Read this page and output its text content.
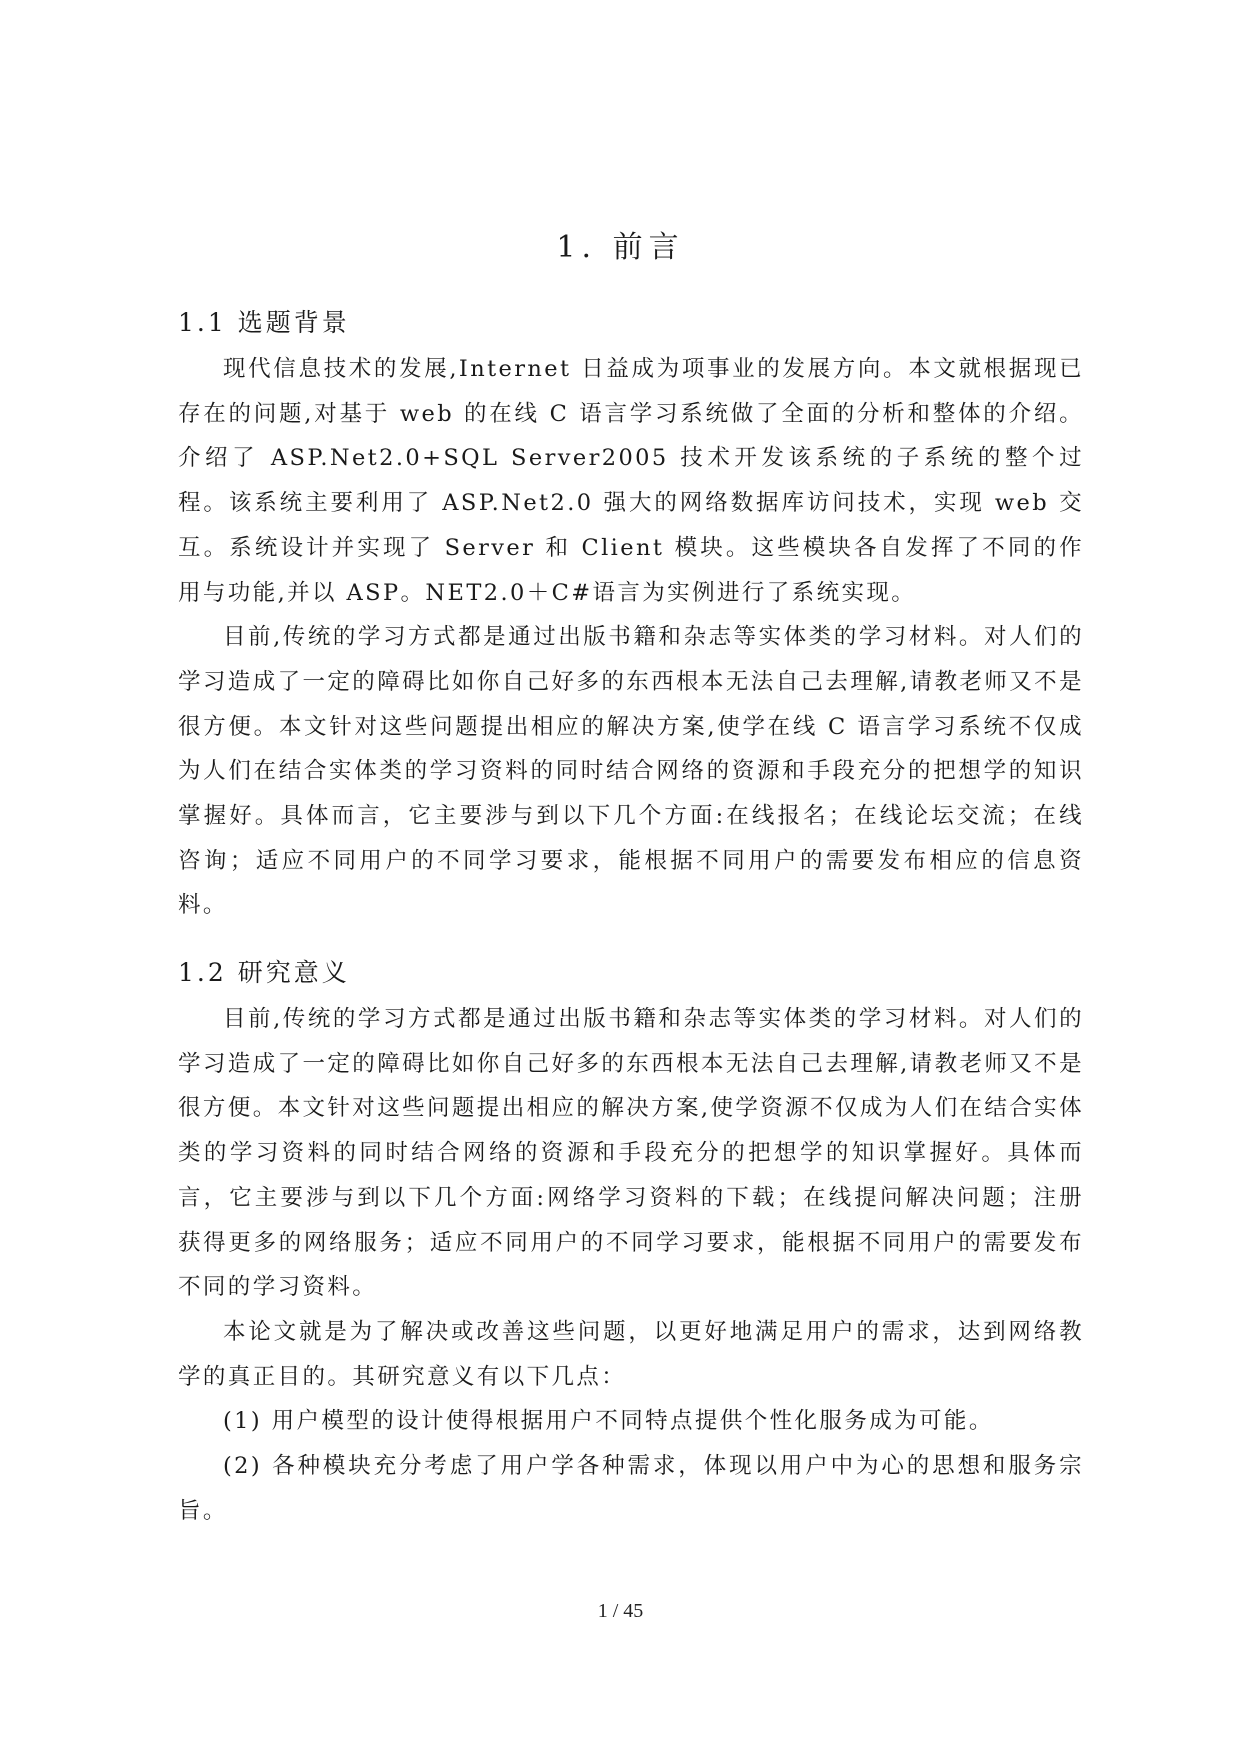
1. 前言
1.1 选题背景

现代信息技术的发展,Internet 日益成为项事业的发展方向。本文就根据现已存在的问题,对基于 web 的在线 C 语言学习系统做了全面的分析和整体的介绍。介绍了 ASP.Net2.0+SQL Server2005 技术开发该系统的子系统的整个过程。该系统主要利用了 ASP.Net2.0 强大的网络数据库访问技术，实现 web 交互。系统设计并实现了 Server 和 Client 模块。这些模块各自发挥了不同的作用与功能,并以 ASP。NET2.0＋C#语言为实例进行了系统实现。

目前,传统的学习方式都是通过出版书籍和杂志等实体类的学习材料。对人们的学习造成了一定的障碍比如你自己好多的东西根本无法自己去理解,请教老师又不是很方便。本文针对这些问题提出相应的解决方案,使学在线 C 语言学习系统不仅成为人们在结合实体类的学习资料的同时结合网络的资源和手段充分的把想学的知识掌握好。具体而言，它主要涉与到以下几个方面:在线报名；在线论坛交流；在线咨询；适应不同用户的不同学习要求，能根据不同用户的需要发布相应的信息资料。

1.2 研究意义

目前,传统的学习方式都是通过出版书籍和杂志等实体类的学习材料。对人们的学习造成了一定的障碍比如你自己好多的东西根本无法自己去理解,请教老师又不是很方便。本文针对这些问题提出相应的解决方案,使学资源不仅成为人们在结合实体类的学习资料的同时结合网络的资源和手段充分的把想学的知识掌握好。具体而言，它主要涉与到以下几个方面:网络学习资料的下载；在线提问解决问题；注册获得更多的网络服务；适应不同用户的不同学习要求，能根据不同用户的需要发布不同的学习资料。

本论文就是为了解决或改善这些问题，以更好地满足用户的需求，达到网络教学的真正目的。其研究意义有以下几点：

(1) 用户模型的设计使得根据用户不同特点提供个性化服务成为可能。

(2) 各种模块充分考虑了用户学各种需求，体现以用户中为心的思想和服务宗旨。

1 / 45
